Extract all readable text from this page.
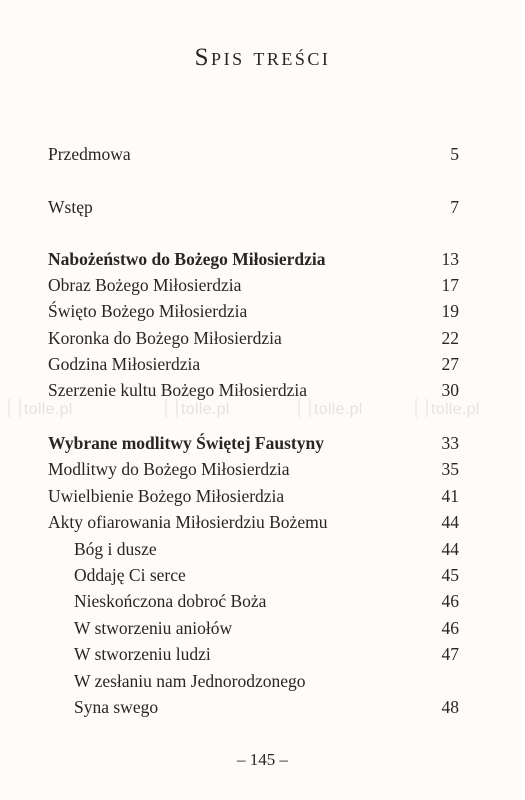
Spis treści
Przedmowa	5
Wstęp	7
Nabożeństwo do Bożego Miłosierdzia	13
Obraz Bożego Miłosierdzia	17
Święto Bożego Miłosierdzia	19
Koronka do Bożego Miłosierdzia	22
Godzina Miłosierdzia	27
Szerzenie kultu Bożego Miłosierdzia	30
tolle.pl	tolle.pl	tolle.pl	tolle.pl
Wybrane modlitwy Świętej Faustyny	33
Modlitwy do Bożego Miłosierdzia	35
Uwielbienie Bożego Miłosierdzia	41
Akty ofiarowania Miłosierdziu Bożemu	44
Bóg i dusze	44
Oddaję Ci serce	45
Nieskończona dobroć Boża	46
W stworzeniu aniołów	46
W stworzeniu ludzi	47
W zesłaniu nam Jednorodzonego
Syna swego	48
– 145 –
